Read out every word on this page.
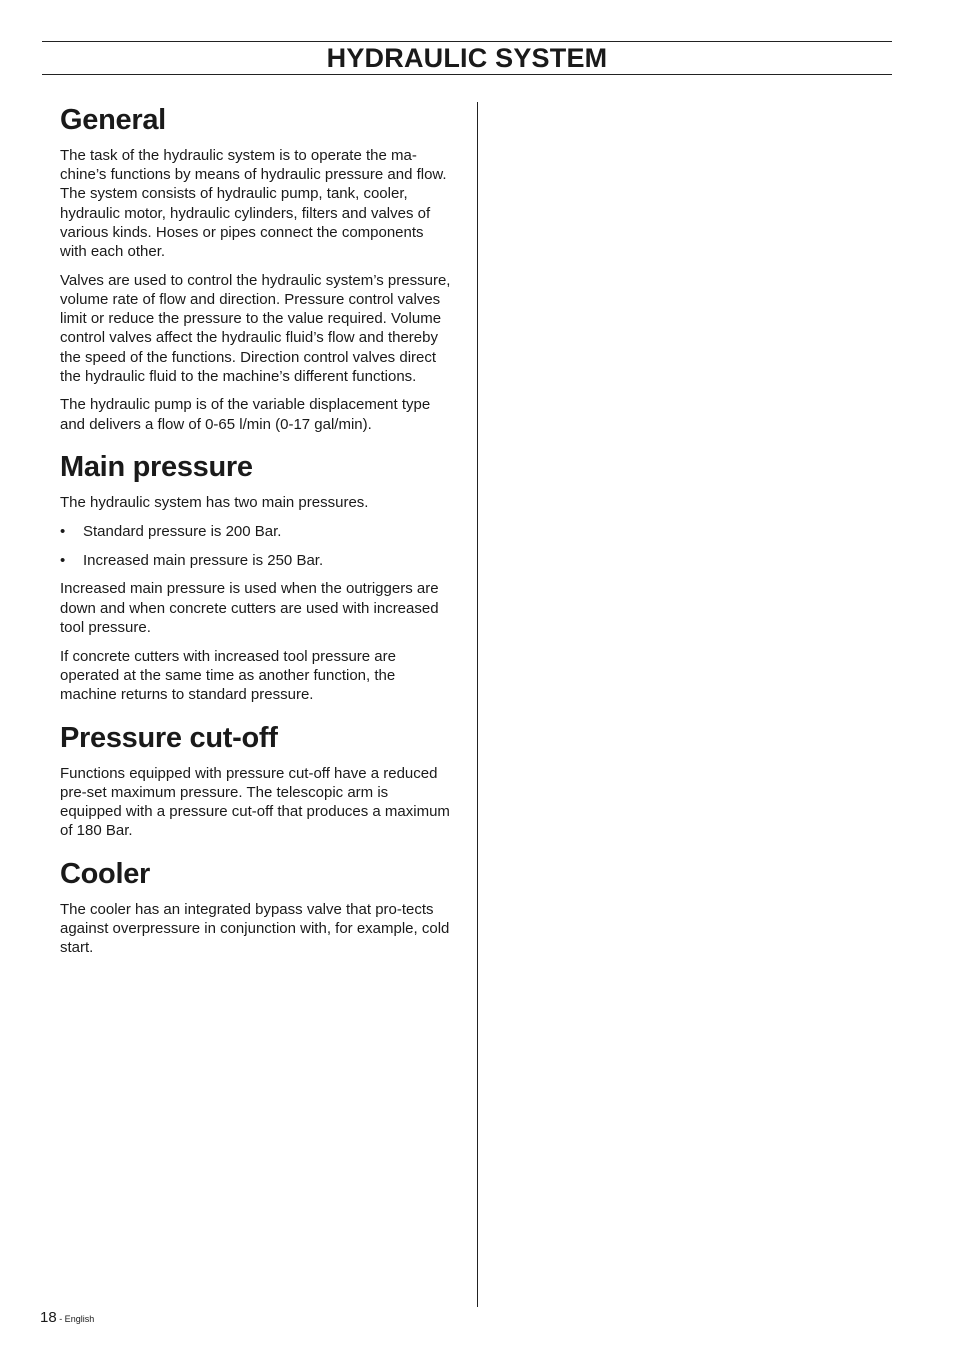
HYDRAULIC SYSTEM
General

The task of the hydraulic system is to operate the ma-chine’s functions by means of hydraulic pressure and flow. The system consists of hydraulic pump, tank, cooler, hydraulic motor, hydraulic cylinders, filters and valves of various kinds. Hoses or pipes connect the components with each other.

Valves are used to control the hydraulic system’s pressure, volume rate of flow and direction. Pressure control valves limit or reduce the pressure to the value required. Volume control valves affect the hydraulic fluid’s flow and thereby the speed of the functions. Direction control valves direct the hydraulic fluid to the machine’s different functions.

The hydraulic pump is of the variable displacement type and delivers a flow of 0-65 l/min (0-17 gal/min).

Main pressure

The hydraulic system has two main pressures.

• Standard pressure is 200 Bar.
• Increased main pressure is 250 Bar.

Increased main pressure is used when the outriggers are down and when concrete cutters are used with increased tool pressure.

If concrete cutters with increased tool pressure are operated at the same time as another function, the machine returns to standard pressure.

Pressure cut-off

Functions equipped with pressure cut-off have a reduced pre-set maximum pressure. The telescopic arm is equipped with a pressure cut-off that produces a maximum of 180 Bar.

Cooler

The cooler has an integrated bypass valve that pro-tects against overpressure in conjunction with, for example, cold start.

18 - English
